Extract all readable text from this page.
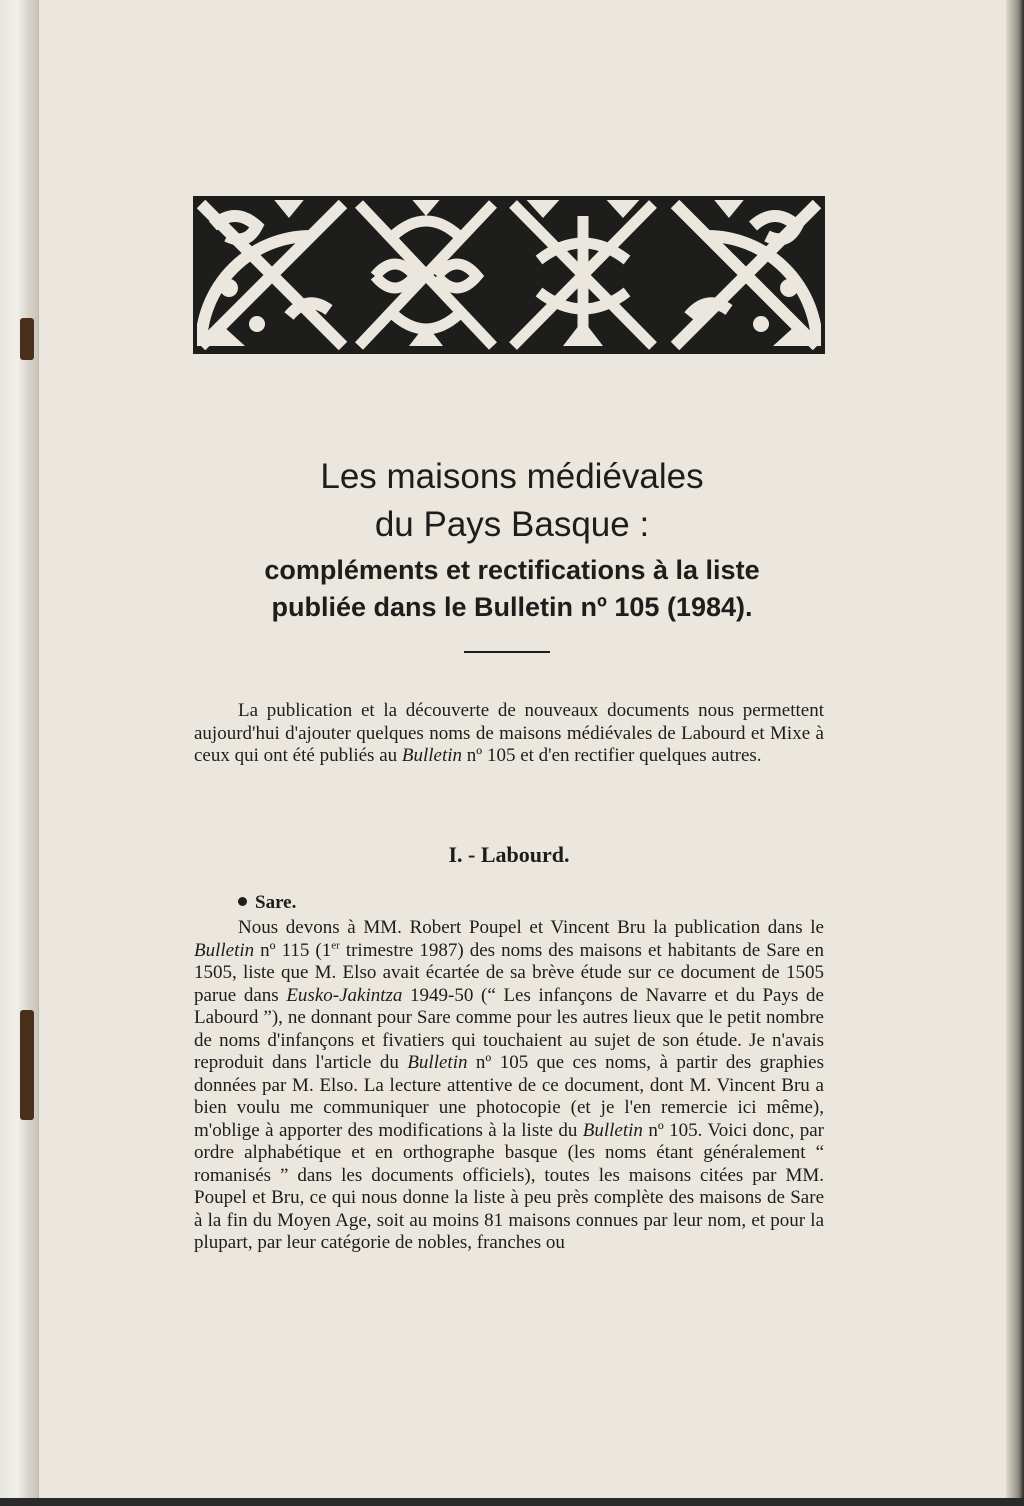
Les maisons médiévales
du Pays Basque :
compléments et rectifications à la liste
publiée dans le Bulletin nº 105 (1984).

La publication et la découverte de nouveaux documents nous permettent aujourd'hui d'ajouter quelques noms de maisons médiévales de Labourd et Mixe à ceux qui ont été publiés au Bulletin nº 105 et d'en rectifier quelques autres.

I. - Labourd.

Sare.

Nous devons à MM. Robert Poupel et Vincent Bru la publication dans le Bulletin nº 115 (1er trimestre 1987) des noms des maisons et habitants de Sare en 1505, liste que M. Elso avait écartée de sa brève étude sur ce document de 1505 parue dans Eusko-Jakintza 1949-50 (“ Les infançons de Navarre et du Pays de Labourd ”), ne donnant pour Sare comme pour les autres lieux que le petit nombre de noms d'infançons et fivatiers qui touchaient au sujet de son étude. Je n'avais reproduit dans l'article du Bulletin nº 105 que ces noms, à partir des graphies données par M. Elso. La lecture attentive de ce document, dont M. Vincent Bru a bien voulu me communiquer une photocopie (et je l'en remercie ici même), m'oblige à apporter des modifications à la liste du Bulletin nº 105. Voici donc, par ordre alphabétique et en orthographe basque (les noms étant généralement “ romanisés ” dans les documents officiels), toutes les maisons citées par MM. Poupel et Bru, ce qui nous donne la liste à peu près complète des maisons de Sare à la fin du Moyen Age, soit au moins 81 maisons connues par leur nom, et pour la plupart, par leur catégorie de nobles, franches ou
